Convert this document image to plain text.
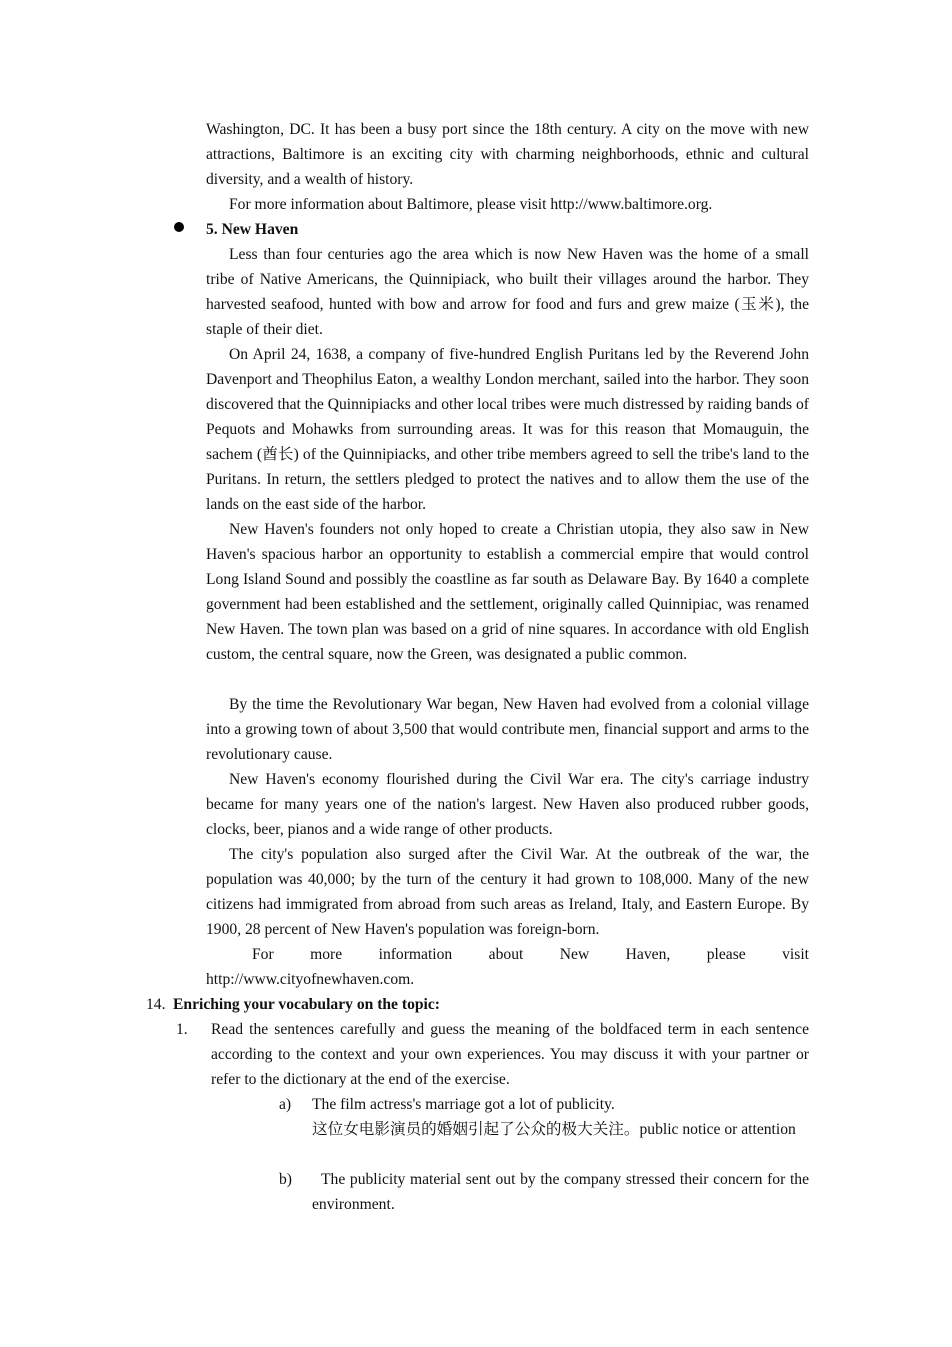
Washington, DC. It has been a busy port since the 18th century. A city on the move with new attractions, Baltimore is an exciting city with charming neighborhoods, ethnic and cultural diversity, and a wealth of history.

For more information about Baltimore, please visit http://www.baltimore.org.

5. New Haven

Less than four centuries ago the area which is now New Haven was the home of a small tribe of Native Americans, the Quinnipiack, who built their villages around the harbor. They harvested seafood, hunted with bow and arrow for food and furs and grew maize (玉米), the staple of their diet.

On April 24, 1638, a company of five-hundred English Puritans led by the Reverend John Davenport and Theophilus Eaton, a wealthy London merchant, sailed into the harbor. They soon discovered that the Quinnipiacks and other local tribes were much distressed by raiding bands of Pequots and Mohawks from surrounding areas. It was for this reason that Momauguin, the sachem (酋长) of the Quinnipiacks, and other tribe members agreed to sell the tribe's land to the Puritans. In return, the settlers pledged to protect the natives and to allow them the use of the lands on the east side of the harbor.

New Haven's founders not only hoped to create a Christian utopia, they also saw in New Haven's spacious harbor an opportunity to establish a commercial empire that would control Long Island Sound and possibly the coastline as far south as Delaware Bay. By 1640 a complete government had been established and the settlement, originally called Quinnipiac, was renamed New Haven. The town plan was based on a grid of nine squares. In accordance with old English custom, the central square, now the Green, was designated a public common.

By the time the Revolutionary War began, New Haven had evolved from a colonial village into a growing town of about 3,500 that would contribute men, financial support and arms to the revolutionary cause.

New Haven's economy flourished during the Civil War era. The city's carriage industry became for many years one of the nation's largest. New Haven also produced rubber goods, clocks, beer, pianos and a wide range of other products.

The city's population also surged after the Civil War. At the outbreak of the war, the population was 40,000; by the turn of the century it had grown to 108,000. Many of the new citizens had immigrated from abroad from such areas as Ireland, Italy, and Eastern Europe. By 1900, 28 percent of New Haven's population was foreign-born.

For more information about New Haven, please visit

http://www.cityofnewhaven.com.

14. Enriching your vocabulary on the topic:

1. Read the sentences carefully and guess the meaning of the boldfaced term in each sentence according to the context and your own experiences. You may discuss it with your partner or refer to the dictionary at the end of the exercise.

a) The film actress's marriage got a lot of publicity.

这位女电影演员的婚姻引起了公众的极大关注。public notice or attention

b)	The publicity material sent out by the company stressed their concern for the environment.
